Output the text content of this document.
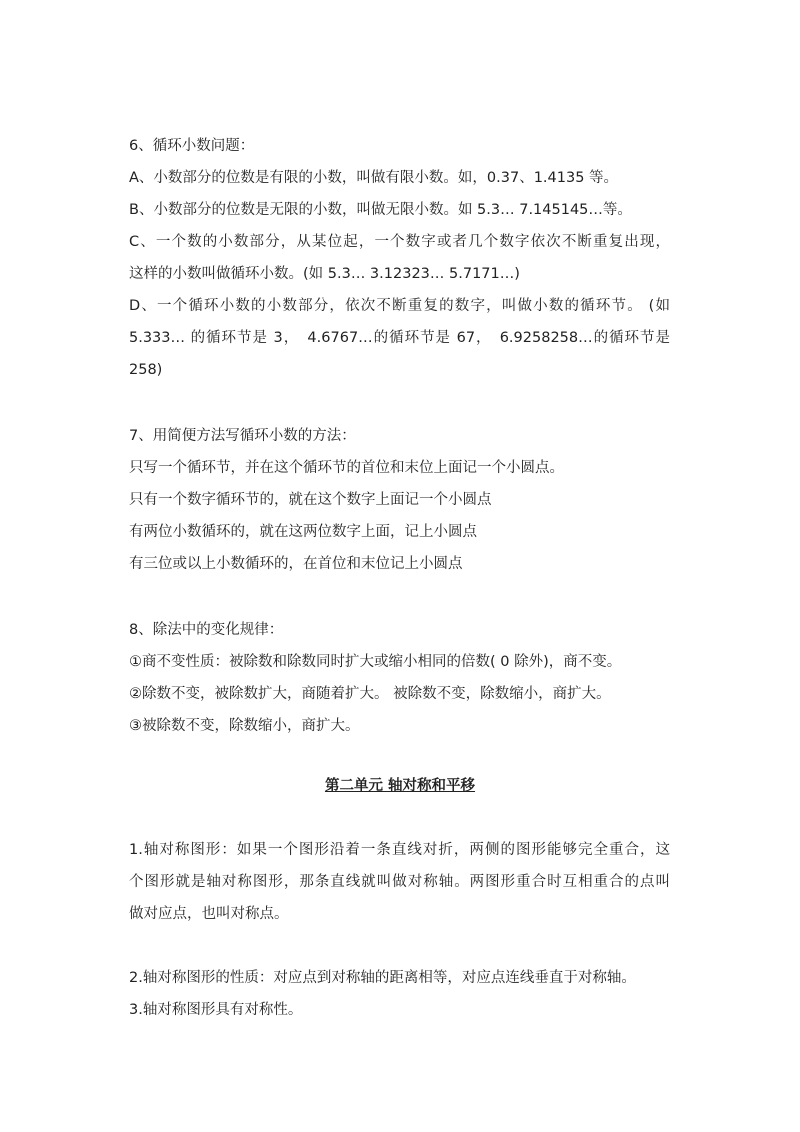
6、循环小数问题：

A、小数部分的位数是有限的小数，叫做有限小数。如，0.37、1.4135 等。

B、小数部分的位数是无限的小数，叫做无限小数。如 5.3… 7.145145…等。

C、一个数的小数部分，从某位起，一个数字或者几个数字依次不断重复出现，

这样的小数叫做循环小数。(如 5.3… 3.12323… 5.7171…)

D、一个循环小数的小数部分，依次不断重复的数字，叫做小数的循环节。 (如

5.333… 的循环节是 3，　4.6767…的循环节是 67，　6.9258258…的循环节是

258)

7、用简便方法写循环小数的方法：

只写一个循环节，并在这个循环节的首位和末位上面记一个小圆点。

只有一个数字循环节的，就在这个数字上面记一个小圆点

有两位小数循环的，就在这两位数字上面，记上小圆点

有三位或以上小数循环的，在首位和末位记上小圆点

8、除法中的变化规律：

①商不变性质：被除数和除数同时扩大或缩小相同的倍数( 0 除外)，商不变。

②除数不变，被除数扩大，商随着扩大。 被除数不变，除数缩小，商扩大。

③被除数不变，除数缩小，商扩大。

第二单元 轴对称和平移

1.轴对称图形：如果一个图形沿着一条直线对折，两侧的图形能够完全重合，这

个图形就是轴对称图形，那条直线就叫做对称轴。两图形重合时互相重合的点叫

做对应点，也叫对称点。

2.轴对称图形的性质：对应点到对称轴的距离相等，对应点连线垂直于对称轴。

3.轴对称图形具有对称性。
